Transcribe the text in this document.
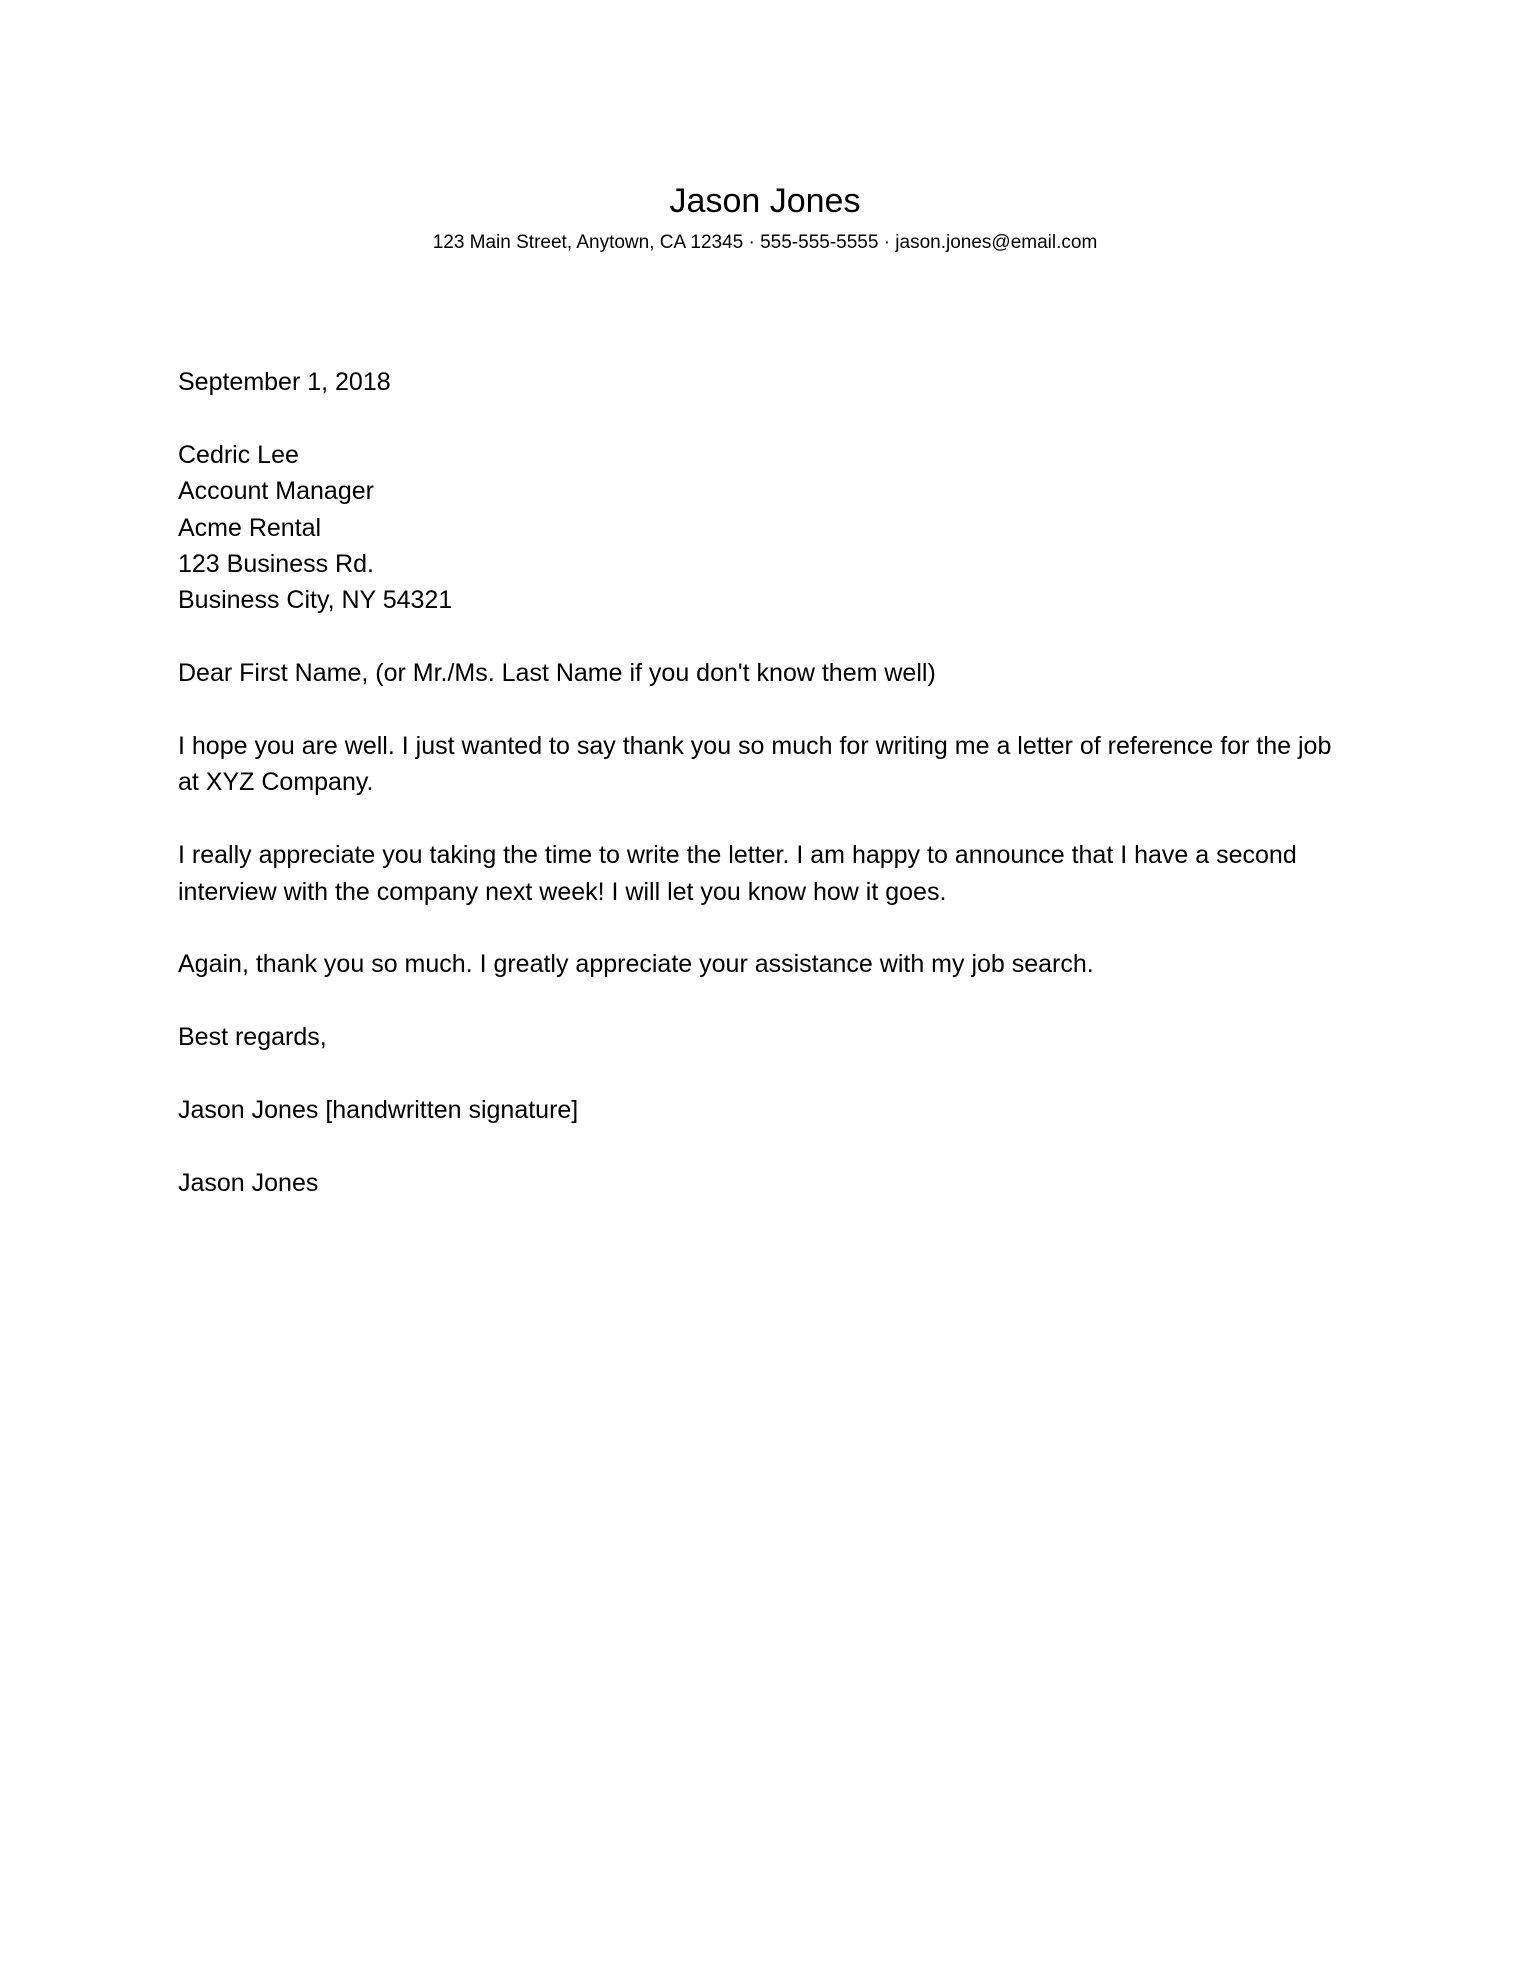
Jason Jones
123 Main Street, Anytown, CA 12345 · 555-555-5555 · jason.jones@email.com

September 1, 2018

Cedric Lee

Account Manager

Acme Rental

123 Business Rd.

Business City, NY 54321

Dear First Name, (or Mr./Ms. Last Name if you don't know them well)

I hope you are well. I just wanted to say thank you so much for writing me a letter of reference for the job at XYZ Company.

I really appreciate you taking the time to write the letter. I am happy to announce that I have a second interview with the company next week! I will let you know how it goes.

Again, thank you so much. I greatly appreciate your assistance with my job search.

Best regards,

Jason Jones [handwritten signature]

Jason Jones
